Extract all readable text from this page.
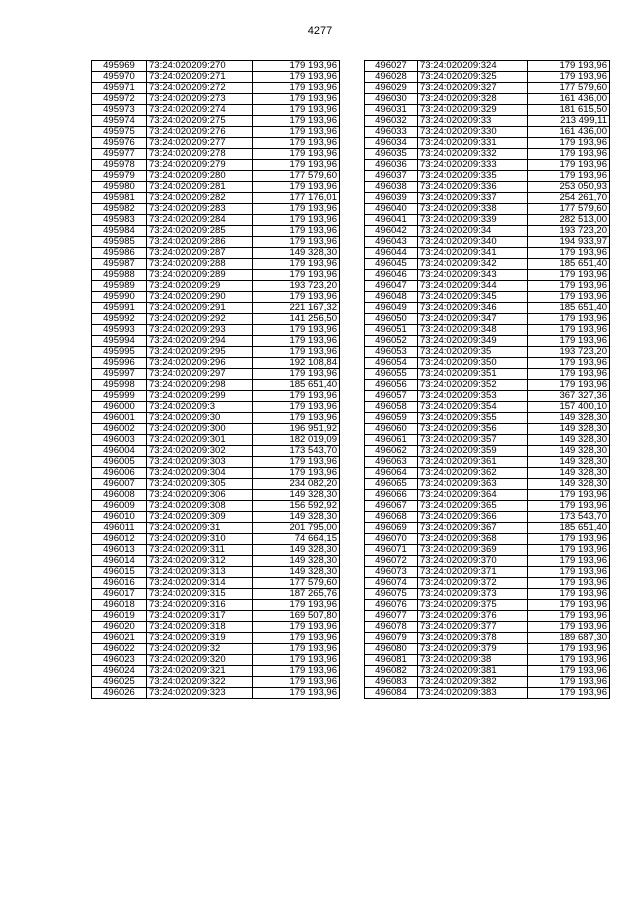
4277
495969	73:24:020209:270	179 193,96
495970	73:24:020209:271	179 193,96
495971	73:24:020209:272	179 193,96
495972	73:24:020209:273	179 193,96
495973	73:24:020209:274	179 193,96
495974	73:24:020209:275	179 193,96
495975	73:24:020209:276	179 193,96
495976	73:24:020209:277	179 193,96
495977	73:24:020209:278	179 193,96
495978	73:24:020209:279	179 193,96
495979	73:24:020209:280	177 579,60
495980	73:24:020209:281	179 193,96
495981	73:24:020209:282	177 176,01
495982	73:24:020209:283	179 193,96
495983	73:24:020209:284	179 193,96
495984	73:24:020209:285	179 193,96
495985	73:24:020209:286	179 193,96
495986	73:24:020209:287	149 328,30
495987	73:24:020209:288	179 193,96
495988	73:24:020209:289	179 193,96
495989	73:24:020209:29	193 723,20
495990	73:24:020209:290	179 193,96
495991	73:24:020209:291	221 167,32
495992	73:24:020209:292	141 256,50
495993	73:24:020209:293	179 193,96
495994	73:24:020209:294	179 193,96
495995	73:24:020209:295	179 193,96
495996	73:24:020209:296	192 108,84
495997	73:24:020209:297	179 193,96
495998	73:24:020209:298	185 651,40
495999	73:24:020209:299	179 193,96
496000	73:24:020209:3	179 193,96
496001	73:24:020209:30	179 193,96
496002	73:24:020209:300	196 951,92
496003	73:24:020209:301	182 019,09
496004	73:24:020209:302	173 543,70
496005	73:24:020209:303	179 193,96
496006	73:24:020209:304	179 193,96
496007	73:24:020209:305	234 082,20
496008	73:24:020209:306	149 328,30
496009	73:24:020209:308	156 592,92
496010	73:24:020209:309	149 328,30
496011	73:24:020209:31	201 795,00
496012	73:24:020209:310	74 664,15
496013	73:24:020209:311	149 328,30
496014	73:24:020209:312	149 328,30
496015	73:24:020209:313	149 328,30
496016	73:24:020209:314	177 579,60
496017	73:24:020209:315	187 265,76
496018	73:24:020209:316	179 193,96
496019	73:24:020209:317	169 507,80
496020	73:24:020209:318	179 193,96
496021	73:24:020209:319	179 193,96
496022	73:24:020209:32	179 193,96
496023	73:24:020209:320	179 193,96
496024	73:24:020209:321	179 193,96
496025	73:24:020209:322	179 193,96
496026	73:24:020209:323	179 193,96
496027	73:24:020209:324	179 193,96
496028	73:24:020209:325	179 193,96
496029	73:24:020209:327	177 579,60
496030	73:24:020209:328	161 436,00
496031	73:24:020209:329	181 615,50
496032	73:24:020209:33	213 499,11
496033	73:24:020209:330	161 436,00
496034	73:24:020209:331	179 193,96
496035	73:24:020209:332	179 193,96
496036	73:24:020209:333	179 193,96
496037	73:24:020209:335	179 193,96
496038	73:24:020209:336	253 050,93
496039	73:24:020209:337	254 261,70
496040	73:24:020209:338	177 579,60
496041	73:24:020209:339	282 513,00
496042	73:24:020209:34	193 723,20
496043	73:24:020209:340	194 933,97
496044	73:24:020209:341	179 193,96
496045	73:24:020209:342	185 651,40
496046	73:24:020209:343	179 193,96
496047	73:24:020209:344	179 193,96
496048	73:24:020209:345	179 193,96
496049	73:24:020209:346	185 651,40
496050	73:24:020209:347	179 193,96
496051	73:24:020209:348	179 193,96
496052	73:24:020209:349	179 193,96
496053	73:24:020209:35	193 723,20
496054	73:24:020209:350	179 193,96
496055	73:24:020209:351	179 193,96
496056	73:24:020209:352	179 193,96
496057	73:24:020209:353	367 327,36
496058	73:24:020209:354	157 400,10
496059	73:24:020209:355	149 328,30
496060	73:24:020209:356	149 328,30
496061	73:24:020209:357	149 328,30
496062	73:24:020209:359	149 328,30
496063	73:24:020209:361	149 328,30
496064	73:24:020209:362	149 328,30
496065	73:24:020209:363	149 328,30
496066	73:24:020209:364	179 193,96
496067	73:24:020209:365	179 193,96
496068	73:24:020209:366	173 543,70
496069	73:24:020209:367	185 651,40
496070	73:24:020209:368	179 193,96
496071	73:24:020209:369	179 193,96
496072	73:24:020209:370	179 193,96
496073	73:24:020209:371	179 193,96
496074	73:24:020209:372	179 193,96
496075	73:24:020209:373	179 193,96
496076	73:24:020209:375	179 193,96
496077	73:24:020209:376	179 193,96
496078	73:24:020209:377	179 193,96
496079	73:24:020209:378	189 687,30
496080	73:24:020209:379	179 193,96
496081	73:24:020209:38	179 193,96
496082	73:24:020209:381	179 193,96
496083	73:24:020209:382	179 193,96
496084	73:24:020209:383	179 193,96
